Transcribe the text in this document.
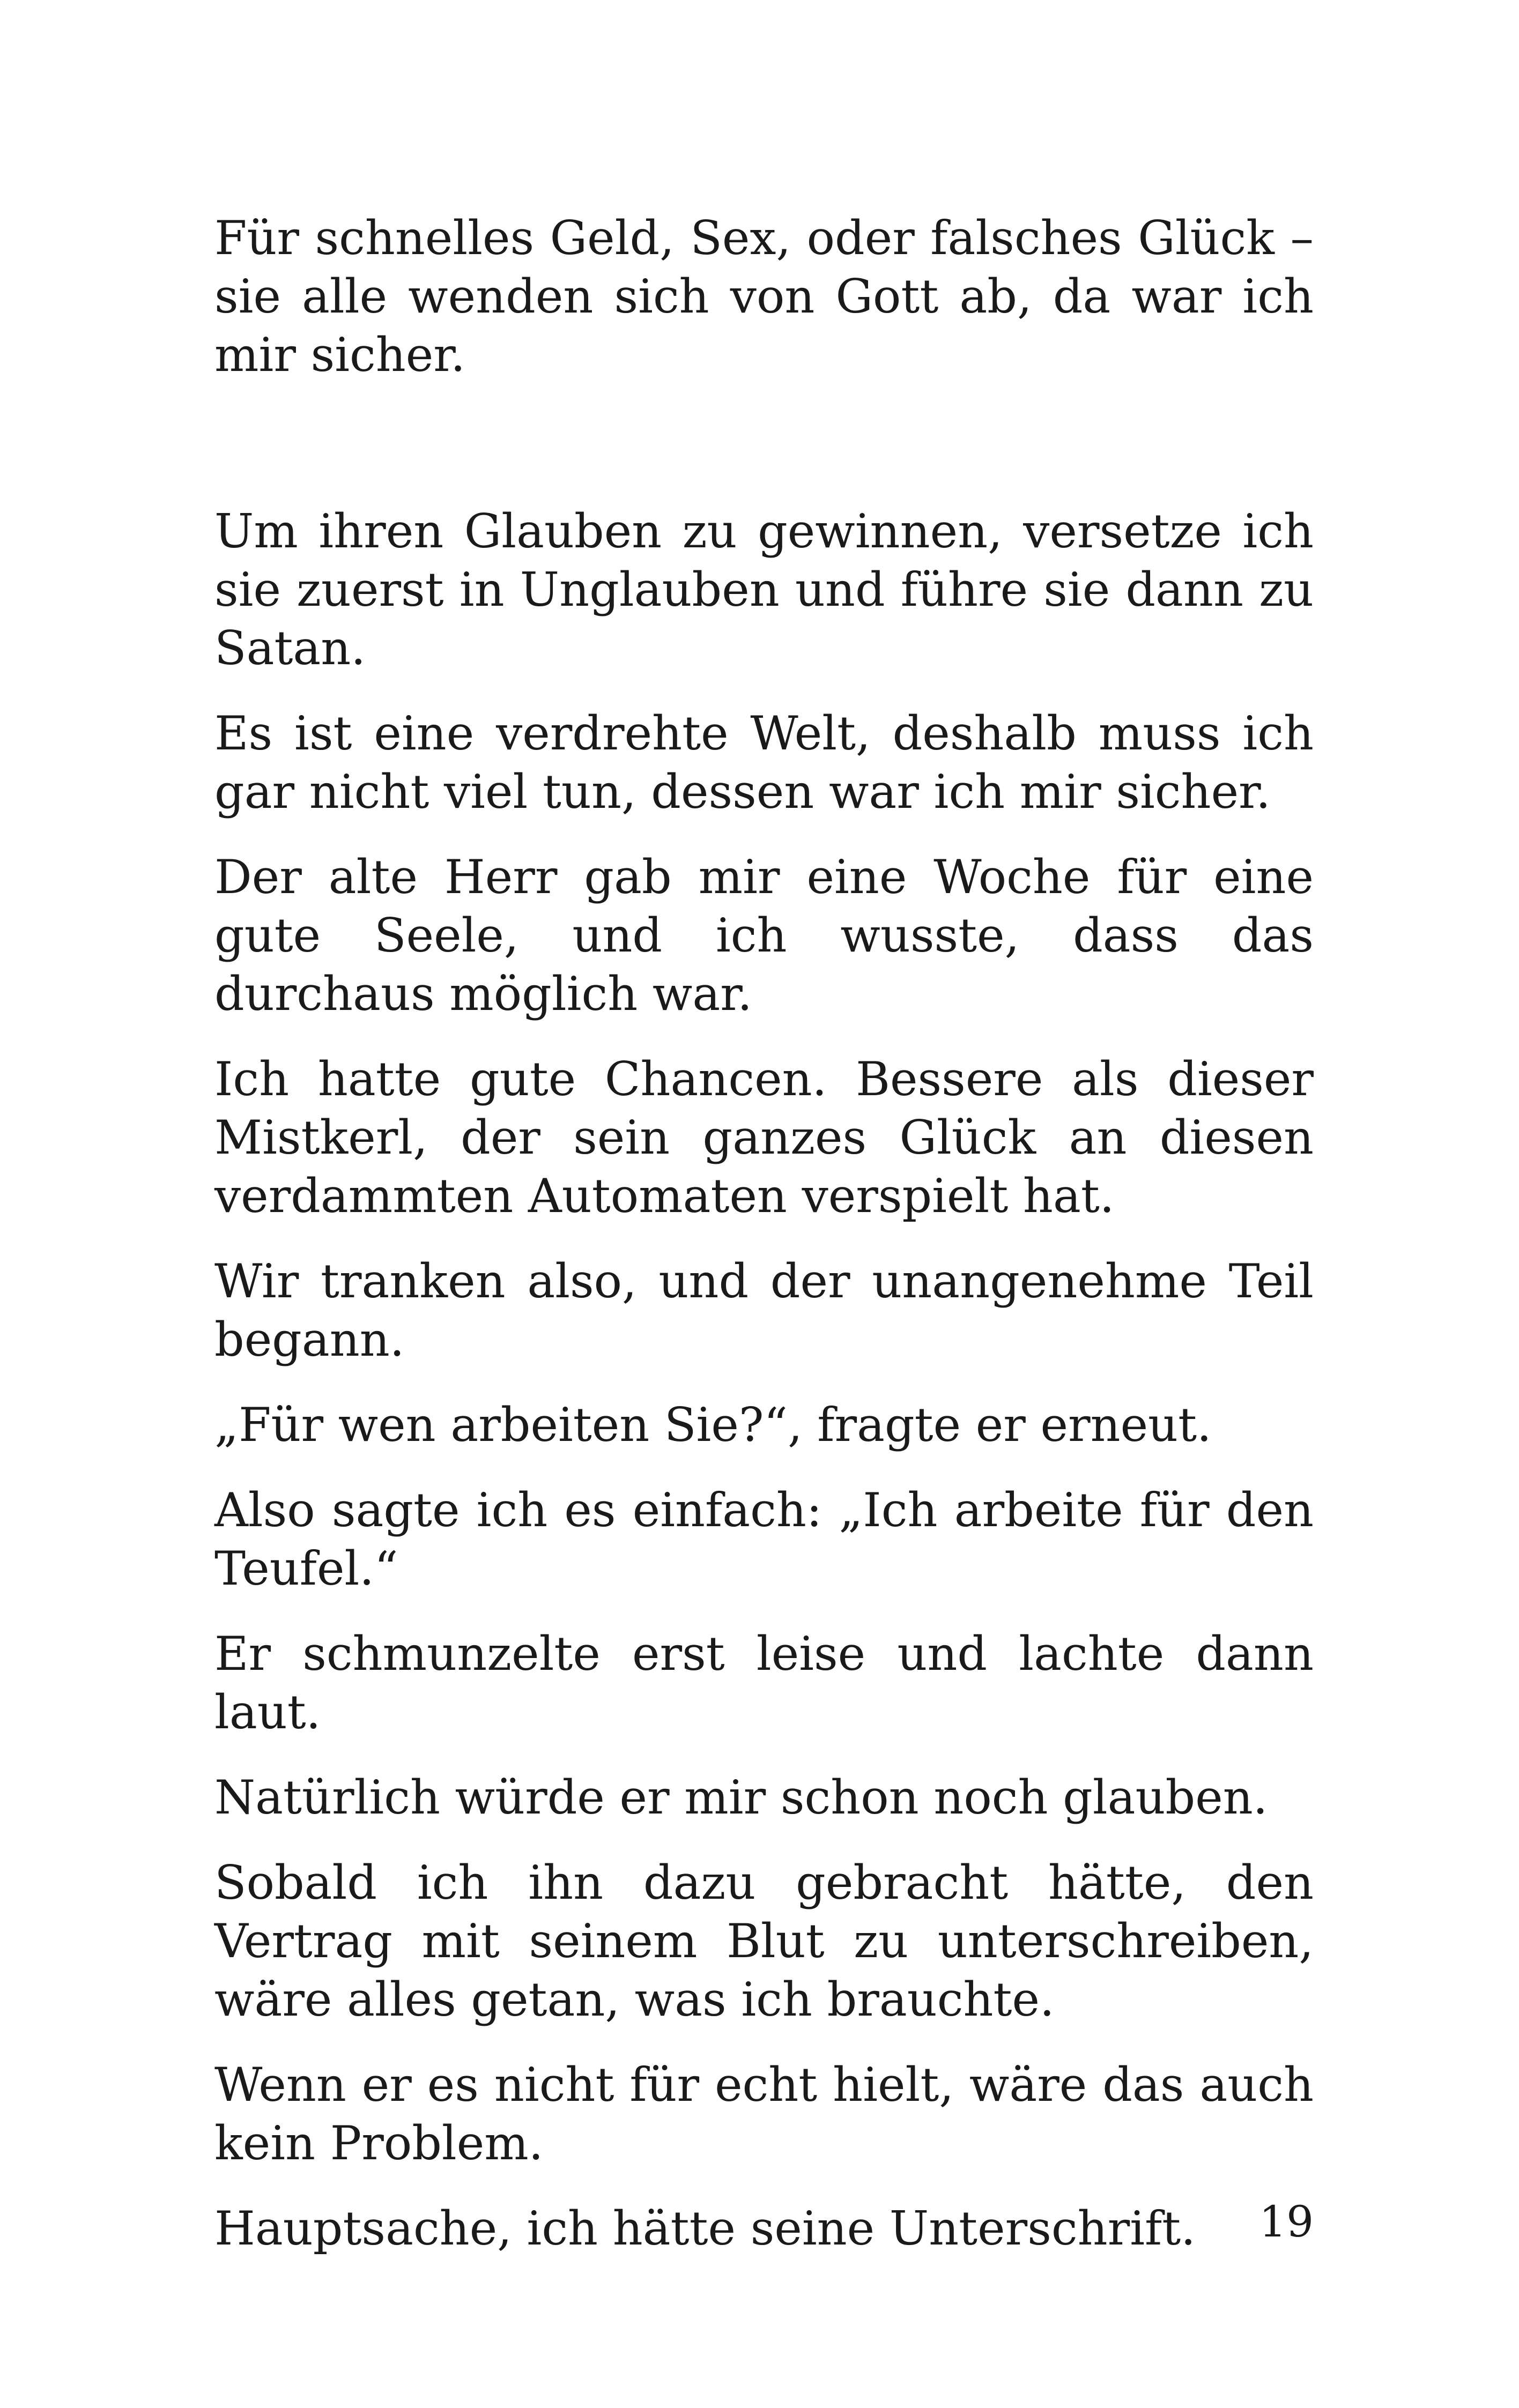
Für schnelles Geld, Sex, oder falsches Glück – sie alle wenden sich von Gott ab, da war ich mir sicher.

Um ihren Glauben zu gewinnen, versetze ich sie zuerst in Unglauben und führe sie dann zu Satan.

Es ist eine verdrehte Welt, deshalb muss ich gar nicht viel tun, dessen war ich mir sicher.

Der alte Herr gab mir eine Woche für eine gute Seele, und ich wusste, dass das durchaus möglich war.

Ich hatte gute Chancen. Bessere als dieser Mistkerl, der sein ganzes Glück an diesen verdammten Automaten verspielt hat.

Wir tranken also, und der unangenehme Teil begann.

„Für wen arbeiten Sie?“, fragte er erneut.

Also sagte ich es einfach: „Ich arbeite für den Teufel.“

Er schmunzelte erst leise und lachte dann laut.

Natürlich würde er mir schon noch glauben.

Sobald ich ihn dazu gebracht hätte, den Vertrag mit seinem Blut zu unterschreiben, wäre alles getan, was ich brauchte.

Wenn er es nicht für echt hielt, wäre das auch kein Problem.

Hauptsache, ich hätte seine Unterschrift.	19
